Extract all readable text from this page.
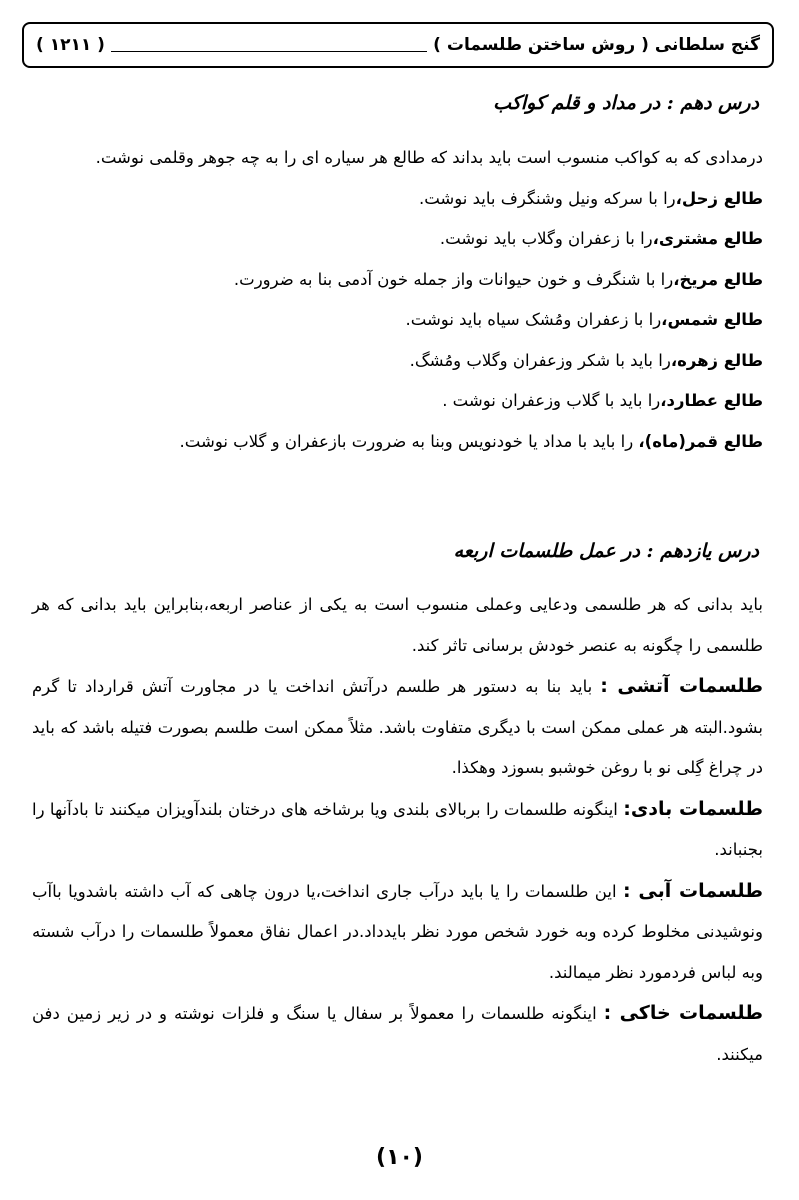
گنج سلطانی ( روش ساختن طلسمات )
( ۱۲۱۱ )
درس دهم : در مداد و قلم کواکب

درمدادی که به کواکب منسوب است باید بداند که طالع هر سیاره ای را به چه جوهر وقلمی نوشت.

طالع زحل،را با سرکه ونیل وشنگرف باید نوشت.

طالع مشتری،را با زعفران وگلاب باید نوشت.

طالع مریخ،را با شنگرف و خون حیوانات واز جمله خون آدمی بنا به ضرورت.

طالع شمس،را با زعفران ومُشک سیاه باید نوشت.

طالع زهره،را باید با شکر وزعفران وگلاب ومُشگ.

طالع عطارد،را باید با گلاب وزعفران نوشت .

طالع قمر(ماه)، را باید با مداد یا خودنویس وبنا به ضرورت بازعفران و گلاب نوشت.

درس یازدهم : در عمل طلسمات اربعه

باید بدانی که هر طلسمی ودعایی وعملی منسوب است به یکی از عناصر اربعه،بنابراین باید بدانی که هر طلسمی را چگونه به عنصر خودش برسانی تاثر کند.

طلسمات آتشی : باید بنا به دستور هر طلسم درآتش انداخت یا در مجاورت آتش قرارداد تا گرم بشود.البته هر عملی ممکن است با دیگری متفاوت باشد. مثلاً ممکن است طلسم بصورت فتیله باشد که باید در چراغ گِلی نو با روغن خوشبو بسوزد وهکذا.

طلسمات بادی: اینگونه طلسمات را بربالای بلندی ویا برشاخه های درختان بلندآویزان میکنند تا بادآنها را بجنباند.

طلسمات آبی : این طلسمات را یا باید درآب جاری انداخت،یا درون چاهی که آب داشته باشدویا باآب ونوشیدنی مخلوط کرده وبه خورد شخص مورد نظر بایدداد.در اعمال نفاق معمولاً طلسمات را درآب شسته وبه لباس فردمورد نظر میمالند.

طلسمات خاکی : اینگونه طلسمات را معمولاً بر سفال یا سنگ و فلزات نوشته و در زیر زمین دفن میکنند.

(۱۰)
